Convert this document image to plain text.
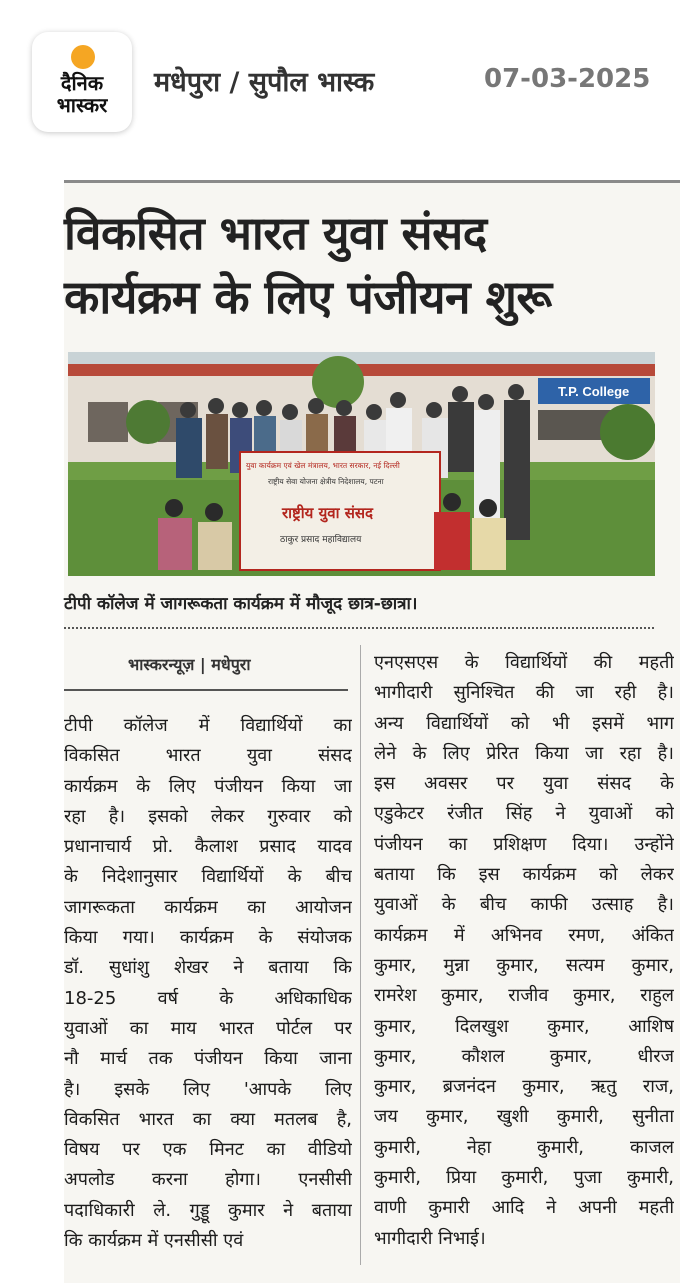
दैनिक
भास्कर
मधेपुरा / सुपौल भास्क	07-03-2025
विकसित भारत युवा संसद
कार्यक्रम के लिए पंजीयन शुरू
T.P. College
युवा कार्यक्रम एवं खेल मंत्रालय, भारत सरकार, नई दिल्ली
राष्ट्रीय सेवा योजना क्षेत्रीय निदेशालय, पटना
राष्ट्रीय युवा संसद
ठाकुर प्रसाद महाविद्यालय
टीपी कॉलेज में जागरूकता कार्यक्रम में मौजूद छात्र-छात्रा।
भास्करन्यूज़ | मधेपुरा
टीपी कॉलेज में विद्यार्थियों का
विकसित भारत युवा संसद
कार्यक्रम के लिए पंजीयन किया जा
रहा है। इसको लेकर गुरुवार को
प्रधानाचार्य प्रो. कैलाश प्रसाद यादव
के निदेशानुसार विद्यार्थियों के बीच
जागरूकता कार्यक्रम का आयोजन
किया गया। कार्यक्रम के संयोजक
डॉ. सुधांशु शेखर ने बताया कि
18-25 वर्ष के अधिकाधिक
युवाओं का माय भारत पोर्टल पर
नौ मार्च तक पंजीयन किया जाना
है। इसके लिए 'आपके लिए
विकसित भारत का क्या मतलब है,
विषय पर एक मिनट का वीडियो
अपलोड करना होगा। एनसीसी
पदाधिकारी ले. गुड्डू कुमार ने बताया
कि कार्यक्रम में एनसीसी एवं
एनएसएस के विद्यार्थियों की महती
भागीदारी सुनिश्चित की जा रही है।
अन्य विद्यार्थियों को भी इसमें भाग
लेने के लिए प्रेरित किया जा रहा है।
इस अवसर पर युवा संसद के
एडुकेटर रंजीत सिंह ने युवाओं को
पंजीयन का प्रशिक्षण दिया। उन्होंने
बताया कि इस कार्यक्रम को लेकर
युवाओं के बीच काफी उत्साह है।
कार्यक्रम में अभिनव रमण, अंकित
कुमार, मुन्ना कुमार, सत्यम कुमार,
रामरेश कुमार, राजीव कुमार, राहुल
कुमार, दिलखुश कुमार, आशिष
कुमार, कौशल कुमार, धीरज
कुमार, ब्रजनंदन कुमार, ऋतु राज,
जय कुमार, खुशी कुमारी, सुनीता
कुमारी, नेहा कुमारी, काजल
कुमारी, प्रिया कुमारी, पुजा कुमारी,
वाणी कुमारी आदि ने अपनी महती
भागीदारी निभाई।
